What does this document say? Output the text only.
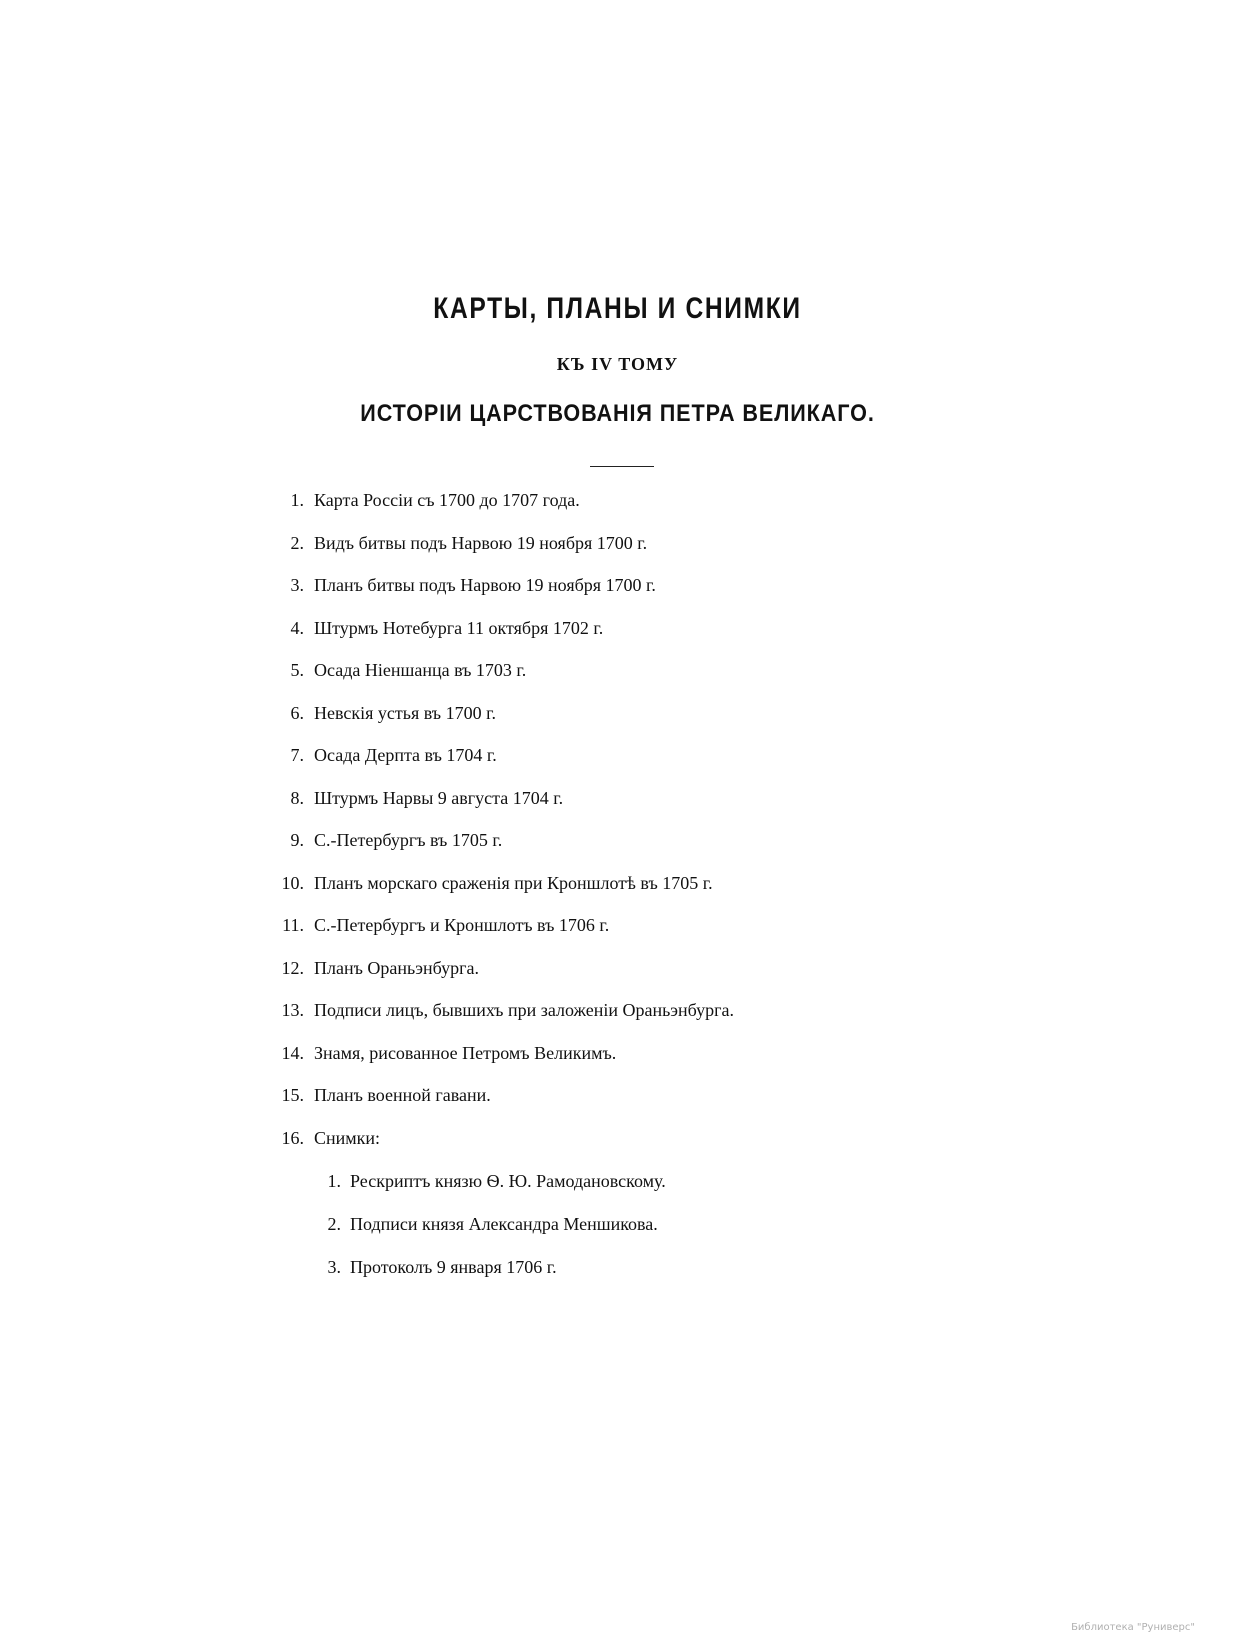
КАРТЫ, ПЛАНЫ И СНИМКИ
КЪ IV ТОМУ
ИСТОРІИ ЦАРСТВОВАНІЯ ПЕТРА ВЕЛИКАГО.
1. Карта Россіи съ 1700 до 1707 года.
2. Видъ битвы подъ Нарвою 19 ноября 1700 г.
3. Планъ битвы подъ Нарвою 19 ноября 1700 г.
4. Штурмъ Нотебурга 11 октября 1702 г.
5. Осада Ніеншанца въ 1703 г.
6. Невскія устья въ 1700 г.
7. Осада Дерпта въ 1704 г.
8. Штурмъ Нарвы 9 августа 1704 г.
9. С.-Петербургъ въ 1705 г.
10. Планъ морскаго сраженія при Кроншлотѣ въ 1705 г.
11. С.-Петербургъ и Кроншлотъ въ 1706 г.
12. Планъ Ораньэнбурга.
13. Подписи лицъ, бывшихъ при заложеніи Ораньэнбурга.
14. Знамя, рисованное Петромъ Великимъ.
15. Планъ военной гавани.
16. Снимки:
1. Рескриптъ князю Ѳ. Ю. Рамодановскому.
2. Подписи князя Александра Меншикова.
3. Протоколъ 9 января 1706 г.
Библиотека "Руниверс"
